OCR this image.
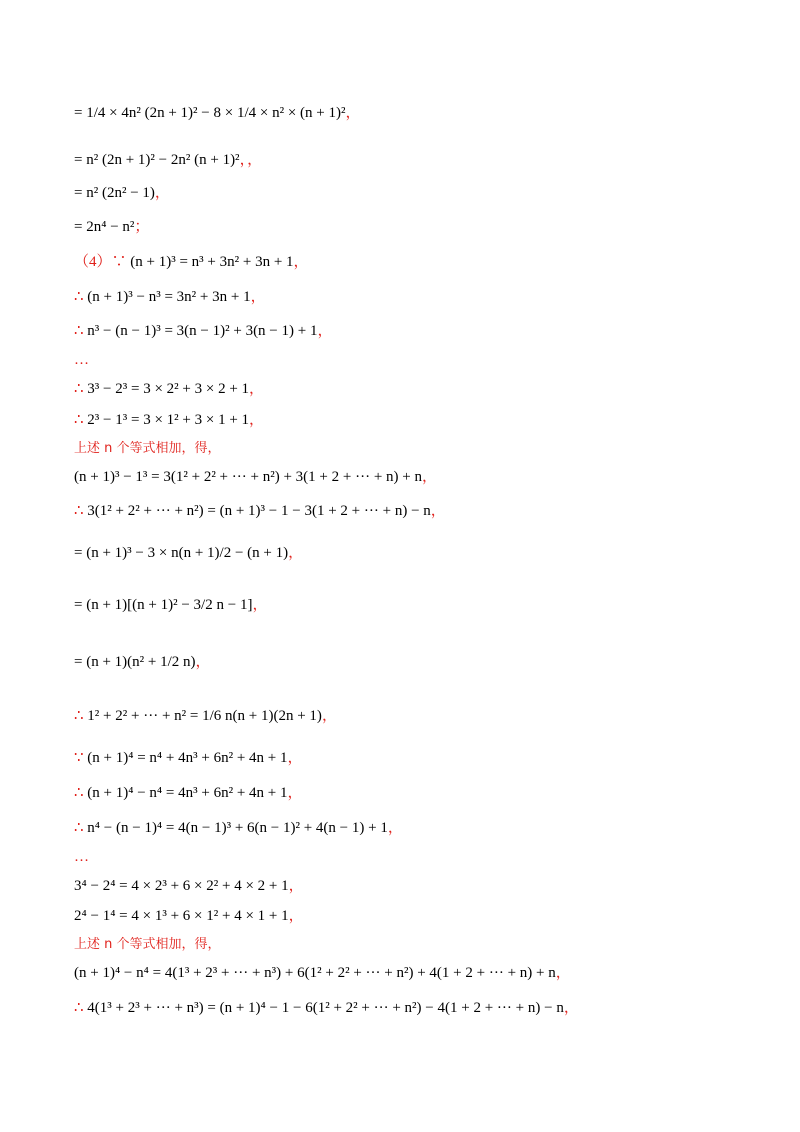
= 1/4 × 4n² (2n + 1)² − 8 × 1/4 × n² × (n + 1)²，
= n² (2n + 1)² − 2n² (n + 1)²，，
= n² (2n² − 1)，
= 2n⁴ − n²；
（4）∵ (n + 1)³ = n³ + 3n² + 3n + 1，
∴ (n + 1)³ − n³ = 3n² + 3n + 1，
∴ n³ − (n − 1)³ = 3(n − 1)² + 3(n − 1) + 1，
…
∴ 3³ − 2³ = 3 × 2² + 3 × 2 + 1，
∴ 2³ − 1³ = 3 × 1² + 3 × 1 + 1，
上述 n 个等式相加，得，
(n + 1)³ − 1³ = 3(1² + 2² + ··· + n²) + 3(1 + 2 + ··· + n) + n，
∴ 3(1² + 2² + ··· + n²) = (n + 1)³ − 1 − 3(1 + 2 + ··· + n) − n，
= (n + 1)³ − 3 × n(n + 1)/2 − (n + 1)，
= (n + 1)[(n + 1)² − 3/2 n − 1]，
= (n + 1)(n² + 1/2 n)，
∴ 1² + 2² + ··· + n² = 1/6 n(n + 1)(2n + 1)，
∵ (n + 1)⁴ = n⁴ + 4n³ + 6n² + 4n + 1，
∴ (n + 1)⁴ − n⁴ = 4n³ + 6n² + 4n + 1，
∴ n⁴ − (n − 1)⁴ = 4(n − 1)³ + 6(n − 1)² + 4(n − 1) + 1，
…
3⁴ − 2⁴ = 4 × 2³ + 6 × 2² + 4 × 2 + 1，
2⁴ − 1⁴ = 4 × 1³ + 6 × 1² + 4 × 1 + 1，
上述 n 个等式相加，得，
(n + 1)⁴ − n⁴ = 4(1³ + 2³ + ··· + n³) + 6(1² + 2² + ··· + n²) + 4(1 + 2 + ··· + n) + n，
∴ 4(1³ + 2³ + ··· + n³) = (n + 1)⁴ − 1 − 6(1² + 2² + ··· + n²) − 4(1 + 2 + ··· + n) − n，
